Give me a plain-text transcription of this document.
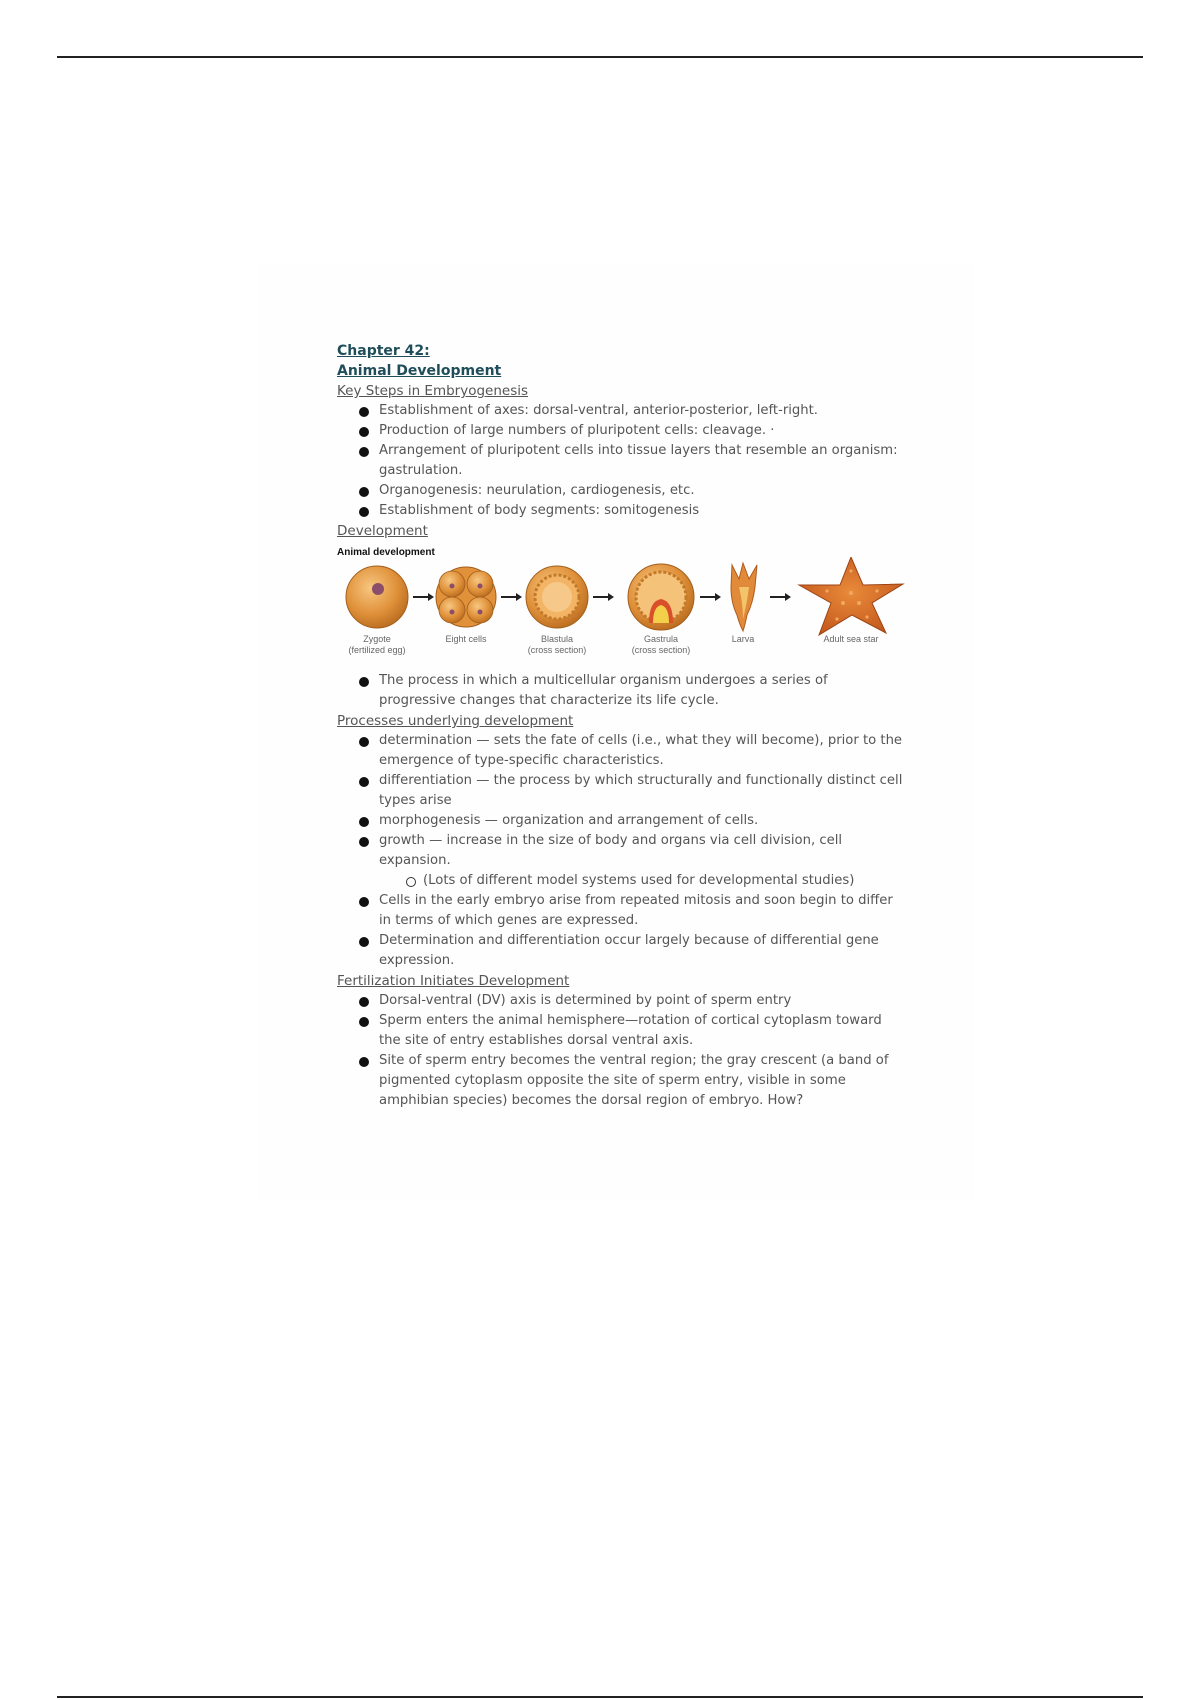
Chapter 42:
Animal Development
Key Steps in Embryogenesis
Establishment of axes: dorsal-ventral, anterior-posterior, left-right.
Production of large numbers of pluripotent cells: cleavage. ·
Arrangement of pluripotent cells into tissue layers that resemble an organism: gastrulation.
Organogenesis: neurulation, cardiogenesis, etc.
Establishment of body segments: somitogenesis
Development
Animal development
Zygote
(fertilized egg)
Eight cells	Blastula
(cross section)
Gastrula
(cross section)
Larva	Adult sea star
The process in which a multicellular organism undergoes a series of progressive changes that characterize its life cycle.
Processes underlying development
determination — sets the fate of cells (i.e., what they will become), prior to the emergence of type-specific characteristics.
differentiation — the process by which structurally and functionally distinct cell types arise
morphogenesis — organization and arrangement of cells.
growth — increase in the size of body and organs via cell division, cell expansion.
(Lots of different model systems used for developmental studies)
Cells in the early embryo arise from repeated mitosis and soon begin to differ in terms of which genes are expressed.
Determination and differentiation occur largely because of differential gene expression.
Fertilization Initiates Development
Dorsal-ventral (DV) axis is determined by point of sperm entry
Sperm enters the animal hemisphere—rotation of cortical cytoplasm toward the site of entry establishes dorsal ventral axis.
Site of sperm entry becomes the ventral region; the gray crescent (a band of pigmented cytoplasm opposite the site of sperm entry, visible in some amphibian species) becomes the dorsal region of embryo. How?
